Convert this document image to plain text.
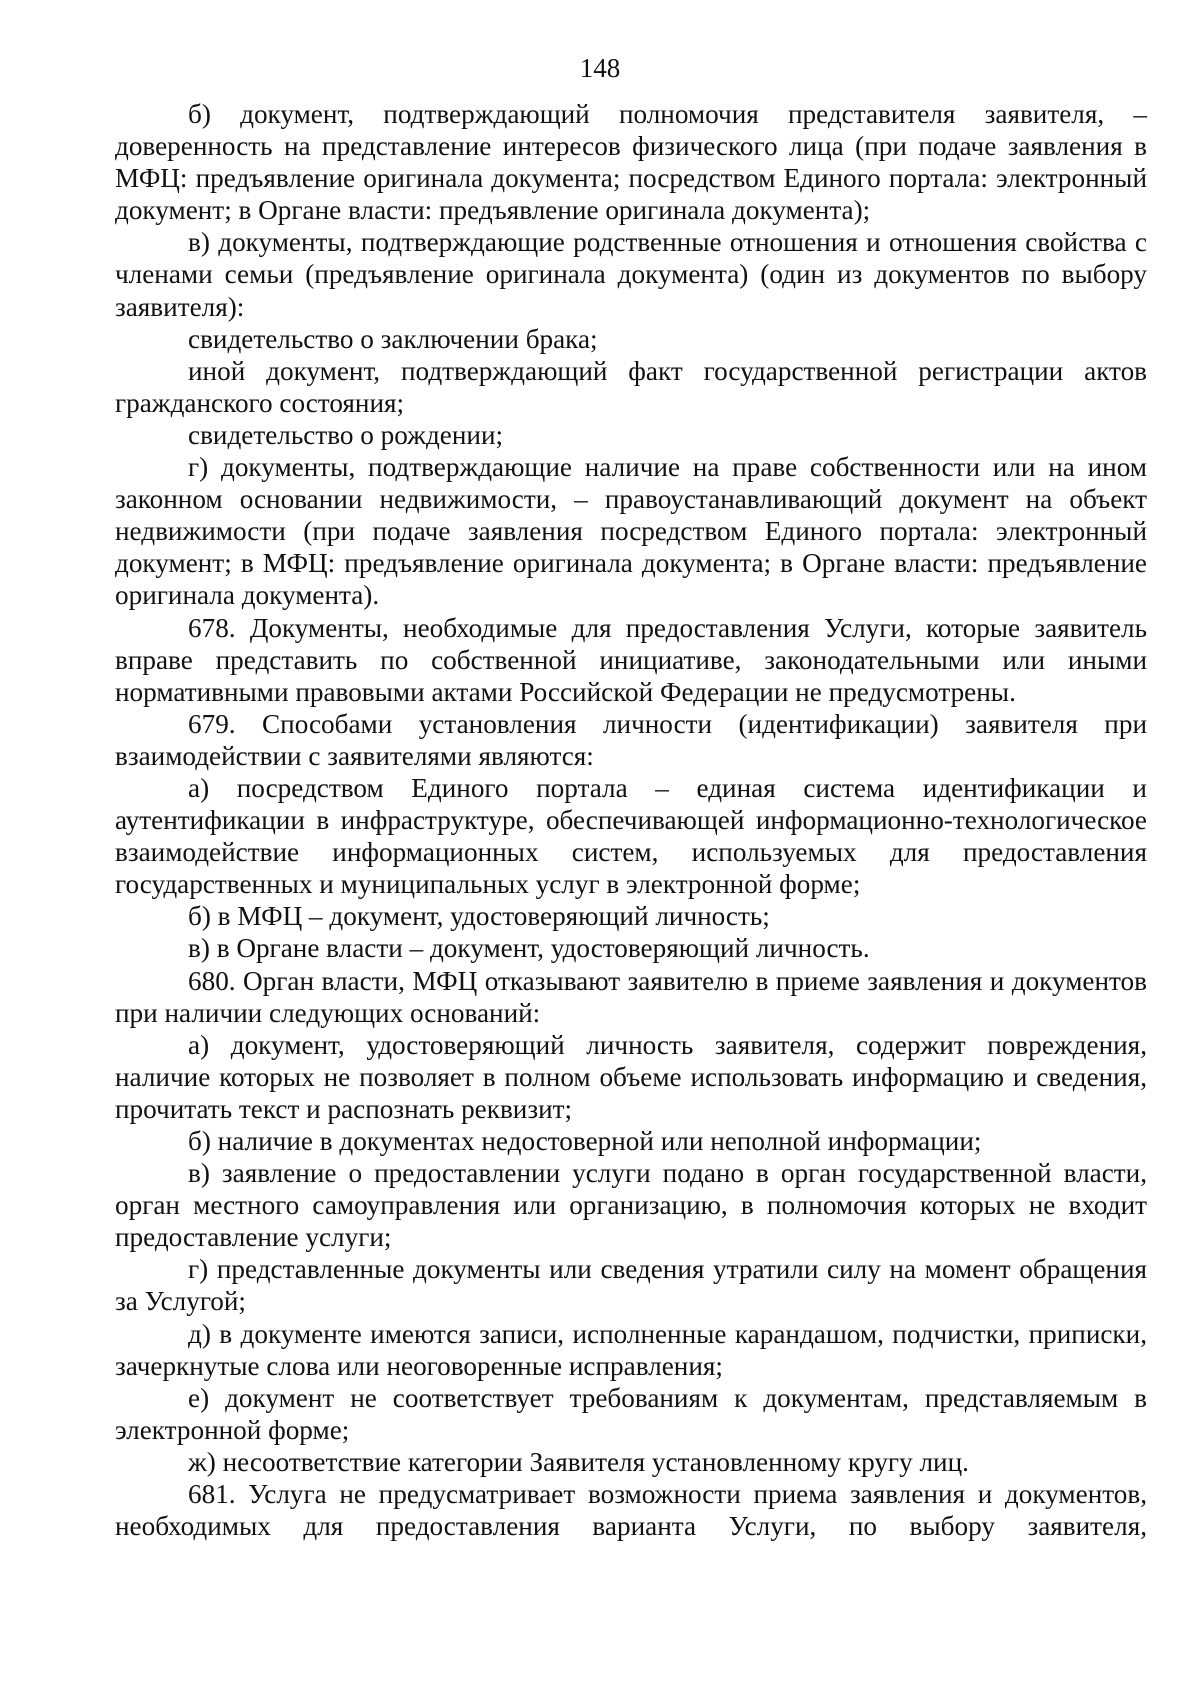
148

б) документ, подтверждающий полномочия представителя заявителя, – доверенность на представление интересов физического лица (при подаче заявления в МФЦ: предъявление оригинала документа; посредством Единого портала: электронный документ; в Органе власти: предъявление оригинала документа);

в) документы, подтверждающие родственные отношения и отношения свойства с членами семьи (предъявление оригинала документа) (один из документов по выбору заявителя):

свидетельство о заключении брака;

иной документ, подтверждающий факт государственной регистрации актов гражданского состояния;

свидетельство о рождении;

г) документы, подтверждающие наличие на праве собственности или на ином законном основании недвижимости, – правоустанавливающий документ на объект недвижимости (при подаче заявления посредством Единого портала: электронный документ; в МФЦ: предъявление оригинала документа; в Органе власти: предъявление оригинала документа).

678. Документы, необходимые для предоставления Услуги, которые заявитель вправе представить по собственной инициативе, законодательными или иными нормативными правовыми актами Российской Федерации не предусмотрены.

679. Способами установления личности (идентификации) заявителя при взаимодействии с заявителями являются:

а) посредством Единого портала – единая система идентификации и аутентификации в инфраструктуре, обеспечивающей информационно-технологическое взаимодействие информационных систем, используемых для предоставления государственных и муниципальных услуг в электронной форме;

б) в МФЦ – документ, удостоверяющий личность;

в) в Органе власти – документ, удостоверяющий личность.

680. Орган власти, МФЦ отказывают заявителю в приеме заявления и документов при наличии следующих оснований:

а) документ, удостоверяющий личность заявителя, содержит повреждения, наличие которых не позволяет в полном объеме использовать информацию и сведения, прочитать текст и распознать реквизит;

б) наличие в документах недостоверной или неполной информации;

в) заявление о предоставлении услуги подано в орган государственной власти, орган местного самоуправления или организацию, в полномочия которых не входит предоставление услуги;

г) представленные документы или сведения утратили силу на момент обращения за Услугой;

д) в документе имеются записи, исполненные карандашом, подчистки, приписки, зачеркнутые слова или неоговоренные исправления;

е) документ не соответствует требованиям к документам, представляемым в электронной форме;

ж) несоответствие категории Заявителя установленному кругу лиц.

681. Услуга не предусматривает возможности приема заявления и документов, необходимых для предоставления варианта Услуги, по выбору заявителя,
